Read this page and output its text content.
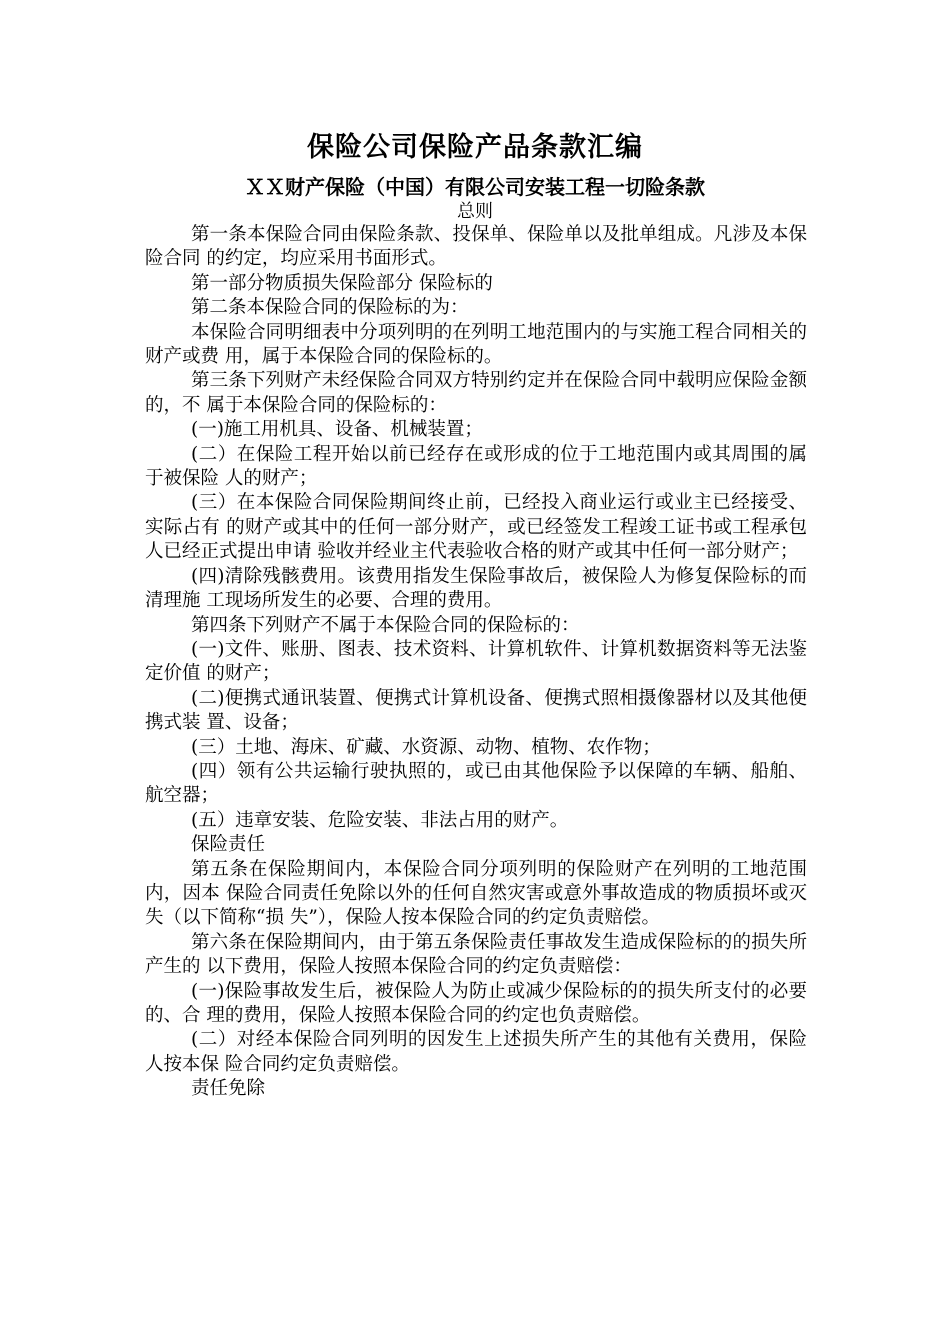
保险公司保险产品条款汇编
ＸＸ财产保险（中国）有限公司安装工程一切险条款
总则

第一条本保险合同由保险条款、投保单、保险单以及批单组成。凡涉及本保险合同 的约定，均应采用书面形式。

第一部分物质损失保险部分 保险标的

第二条本保险合同的保险标的为：

本保险合同明细表中分项列明的在列明工地范围内的与实施工程合同相关的财产或费 用，属于本保险合同的保险标的。

第三条下列财产未经保险合同双方特别约定并在保险合同中载明应保险金额的，不 属于本保险合同的保险标的：

(一)施工用机具、设备、机械装置；

(二）在保险工程开始以前已经存在或形成的位于工地范围内或其周围的属于被保险 人的财产；

(三）在本保险合同保险期间终止前，已经投入商业运行或业主已经接受、实际占有 的财产或其中的任何一部分财产，或已经签发工程竣工证书或工程承包人已经正式提出申请 验收并经业主代表验收合格的财产或其中任何一部分财产；

(四)清除残骸费用。该费用指发生保险事故后，被保险人为修复保险标的而清理施 工现场所发生的必要、合理的费用。

第四条下列财产不属于本保险合同的保险标的：

(一)文件、账册、图表、技术资料、计算机软件、计算机数据资料等无法鉴定价值 的财产；

(二)便携式通讯装置、便携式计算机设备、便携式照相摄像器材以及其他便携式装 置、设备；

(三）土地、海床、矿藏、水资源、动物、植物、农作物；

(四）领有公共运输行驶执照的，或已由其他保险予以保障的车辆、船舶、航空器；

(五）违章安装、危险安装、非法占用的财产。

保险责任

第五条在保险期间内，本保险合同分项列明的保险财产在列明的工地范围内，因本 保险合同责任免除以外的任何自然灾害或意外事故造成的物质损坏或灭失（以下简称“损 失”），保险人按本保险合同的约定负责赔偿。

第六条在保险期间内，由于第五条保险责任事故发生造成保险标的的损失所产生的 以下费用，保险人按照本保险合同的约定负责赔偿：

(一)保险事故发生后，被保险人为防止或减少保险标的的损失所支付的必要的、合 理的费用，保险人按照本保险合同的约定也负责赔偿。

(二）对经本保险合同列明的因发生上述损失所产生的其他有关费用，保险人按本保 险合同约定负责赔偿。

责任免除
